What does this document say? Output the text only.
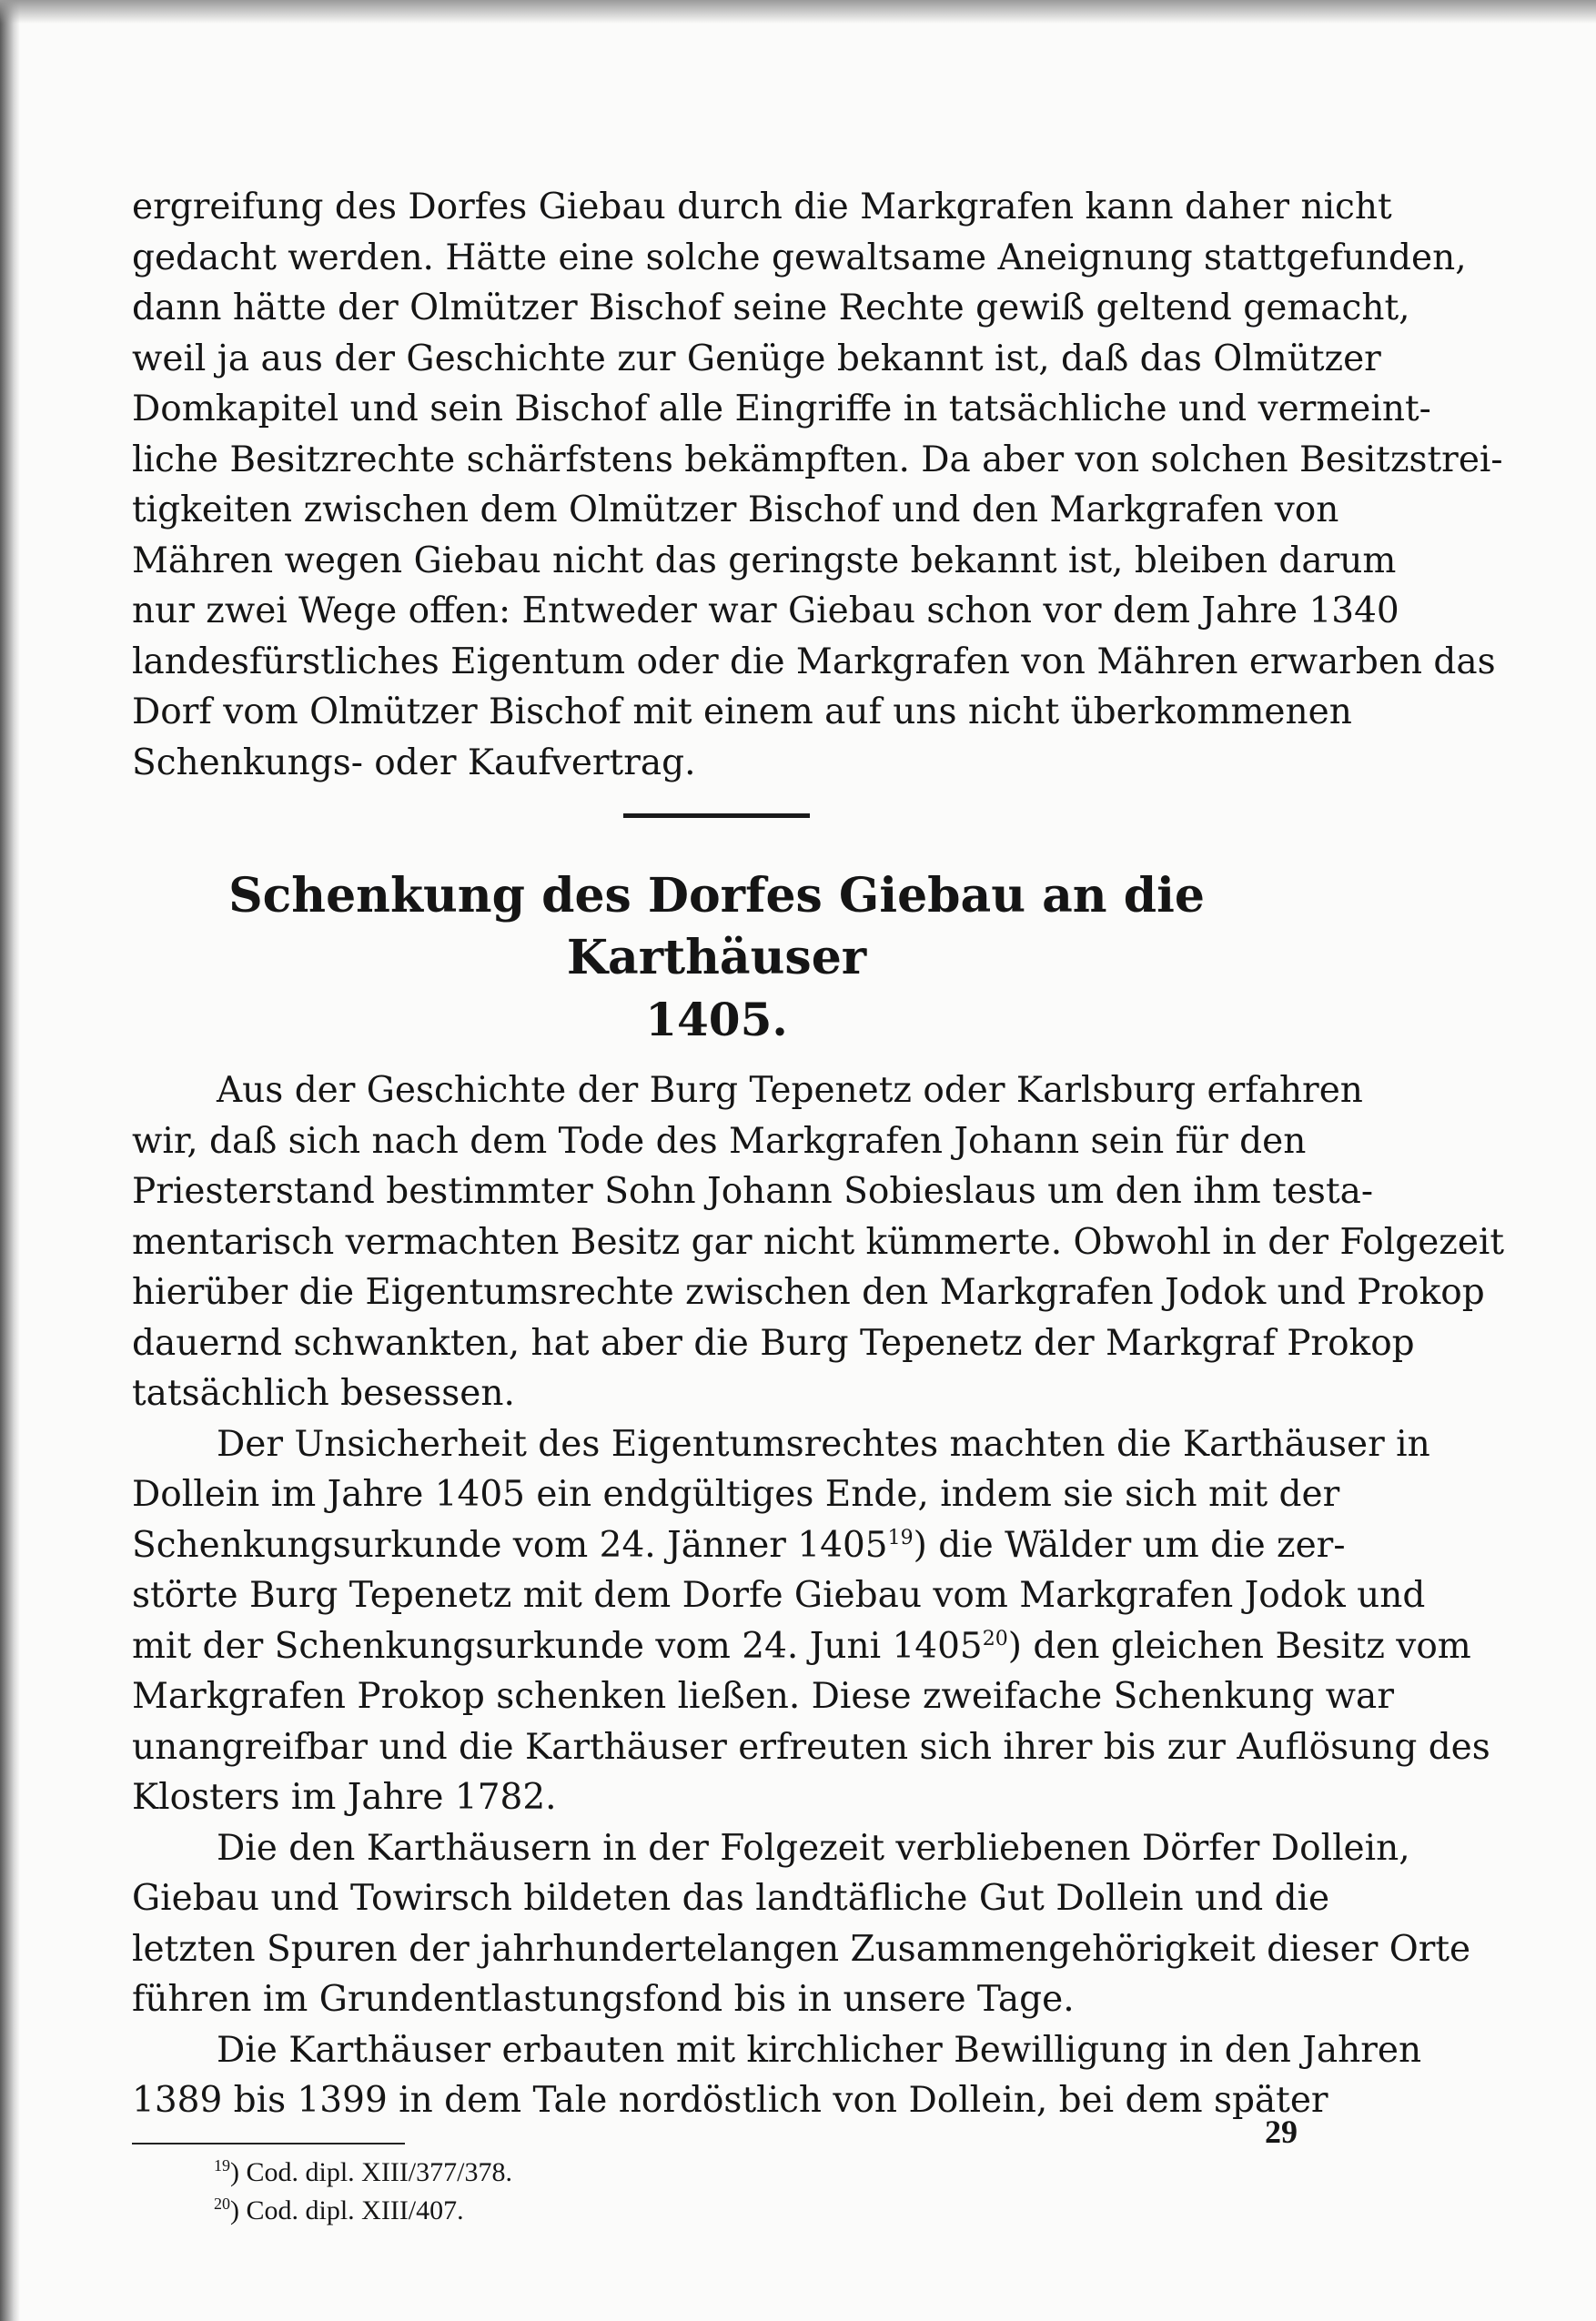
ergreifung des Dorfes Giebau durch die Markgrafen kann daher nicht
gedacht werden. Hätte eine solche gewaltsame Aneignung stattgefunden,
dann hätte der Olmützer Bischof seine Rechte gewiß geltend gemacht,
weil ja aus der Geschichte zur Genüge bekannt ist, daß das Olmützer
Domkapitel und sein Bischof alle Eingriffe in tatsächliche und vermeint-
liche Besitzrechte schärfstens bekämpften. Da aber von solchen Besitzstrei-
tigkeiten zwischen dem Olmützer Bischof und den Markgrafen von
Mähren wegen Giebau nicht das geringste bekannt ist, bleiben darum
nur zwei Wege offen: Entweder war Giebau schon vor dem Jahre 1340
landesfürstliches Eigentum oder die Markgrafen von Mähren erwarben das
Dorf vom Olmützer Bischof mit einem auf uns nicht überkommenen
Schenkungs- oder Kaufvertrag.
Schenkung des Dorfes Giebau an die Karthäuser
1405.
Aus der Geschichte der Burg Tepenetz oder Karlsburg erfahren
wir, daß sich nach dem Tode des Markgrafen Johann sein für den
Priesterstand bestimmter Sohn Johann Sobieslaus um den ihm testa-
mentarisch vermachten Besitz gar nicht kümmerte. Obwohl in der Folgezeit
hierüber die Eigentumsrechte zwischen den Markgrafen Jodok und Prokop
dauernd schwankten, hat aber die Burg Tepenetz der Markgraf Prokop
tatsächlich besessen.
Der Unsicherheit des Eigentumsrechtes machten die Karthäuser in
Dollein im Jahre 1405 ein endgültiges Ende, indem sie sich mit der
Schenkungsurkunde vom 24. Jänner 1405$^{19}$) die Wälder um die zer-
störte Burg Tepenetz mit dem Dorfe Giebau vom Markgrafen Jodok und
mit der Schenkungsurkunde vom 24. Juni 1405$^{20}$) den gleichen Besitz vom
Markgrafen Prokop schenken ließen. Diese zweifache Schenkung war
unangreifbar und die Karthäuser erfreuten sich ihrer bis zur Auflösung des
Klosters im Jahre 1782.
Die den Karthäusern in der Folgezeit verbliebenen Dörfer Dollein,
Giebau und Towirsch bildeten das landtäfliche Gut Dollein und die
letzten Spuren der jahrhundertelangen Zusammengehörigkeit dieser Orte
führen im Grundentlastungsfond bis in unsere Tage.
Die Karthäuser erbauten mit kirchlicher Bewilligung in den Jahren
1389 bis 1399 in dem Tale nordöstlich von Dollein, bei dem später
$^{19}$) Cod. dipl. XIII/377/378.
$^{20}$) Cod. dipl. XIII/407.
29
